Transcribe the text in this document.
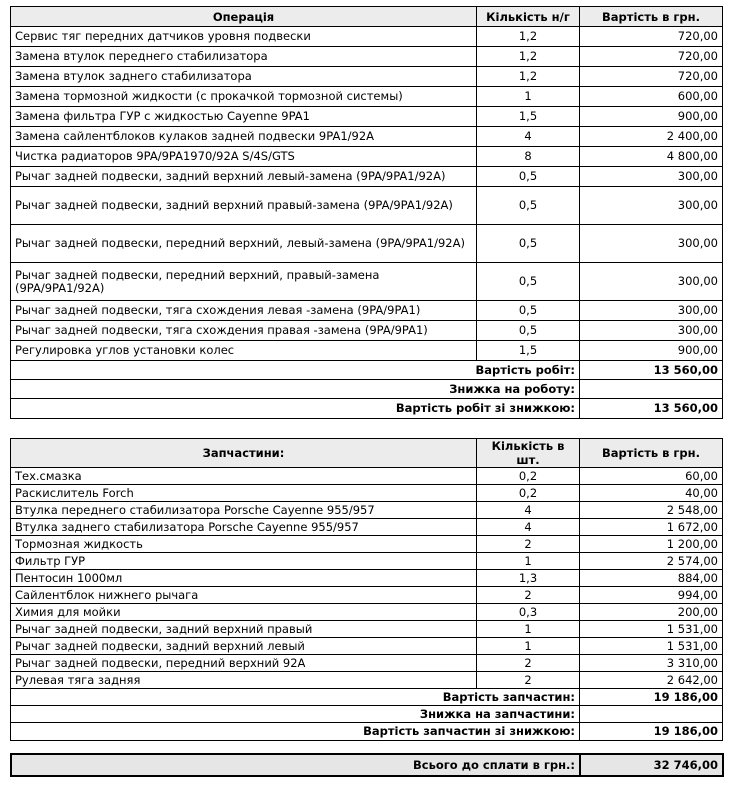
Операція	Кількість н/г	Вартість в грн.
Сервис тяг передних датчиков уровня подвески	1,2	720,00
Замена втулок переднего стабилизатора	1,2	720,00
Замена втулок заднего стабилизатора	1,2	720,00
Замена тормозной жидкости (с прокачкой тормозной системы)	1	600,00
Замена фильтра ГУР с жидкостью Cayenne 9PA1	1,5	900,00
Замена сайлентблоков кулаков задней подвески 9PA1/92A	4	2 400,00
Чистка радиаторов 9PA/9PA1970/92A S/4S/GTS	8	4 800,00
Рычаг задней подвески, задний верхний левый-замена (9PA/9PA1/92A)	0,5	300,00
Рычаг задней подвески, задний верхний правый-замена (9PA/9PA1/92A)	0,5	300,00
Рычаг задней подвески, передний верхний, левый-замена (9PA/9PA1/92A)	0,5	300,00
Рычаг задней подвески, передний верхний, правый-замена (9PA/9PA1/92A)	0,5	300,00
Рычаг задней подвески, тяга схождения левая -замена (9PA/9PA1)	0,5	300,00
Рычаг задней подвески, тяга схождения правая -замена (9PA/9PA1)	0,5	300,00
Регулировка углов установки колес	1,5	900,00
Вартість робіт:		13 560,00
Знижка на роботу:		
Вартість робіт зі знижкою:		13 560,00
Запчастини:	Кількість в шт.	Вартість в грн.
Тех.смазка	0,2	60,00
Раскислитель Forch	0,2	40,00
Втулка переднего стабилизатора Porsche Cayenne 955/957	4	2 548,00
Втулка заднего стабилизатора Porsche Cayenne 955/957	4	1 672,00
Тормозная жидкость	2	1 200,00
Фильтр ГУР	1	2 574,00
Пентосин 1000мл	1,3	884,00
Сайлентблок нижнего рычага	2	994,00
Химия для мойки	0,3	200,00
Рычаг задней подвески, задний верхний правый	1	1 531,00
Рычаг задней подвески, задний верхний левый	1	1 531,00
Рычаг задней подвески, передний верхний 92A	2	3 310,00
Рулевая тяга задняя	2	2 642,00
Вартість запчастин:		19 186,00
Знижка на запчастини:		
Вартість запчастин зі знижкою:		19 186,00
Всього до сплати в грн.:	32 746,00
